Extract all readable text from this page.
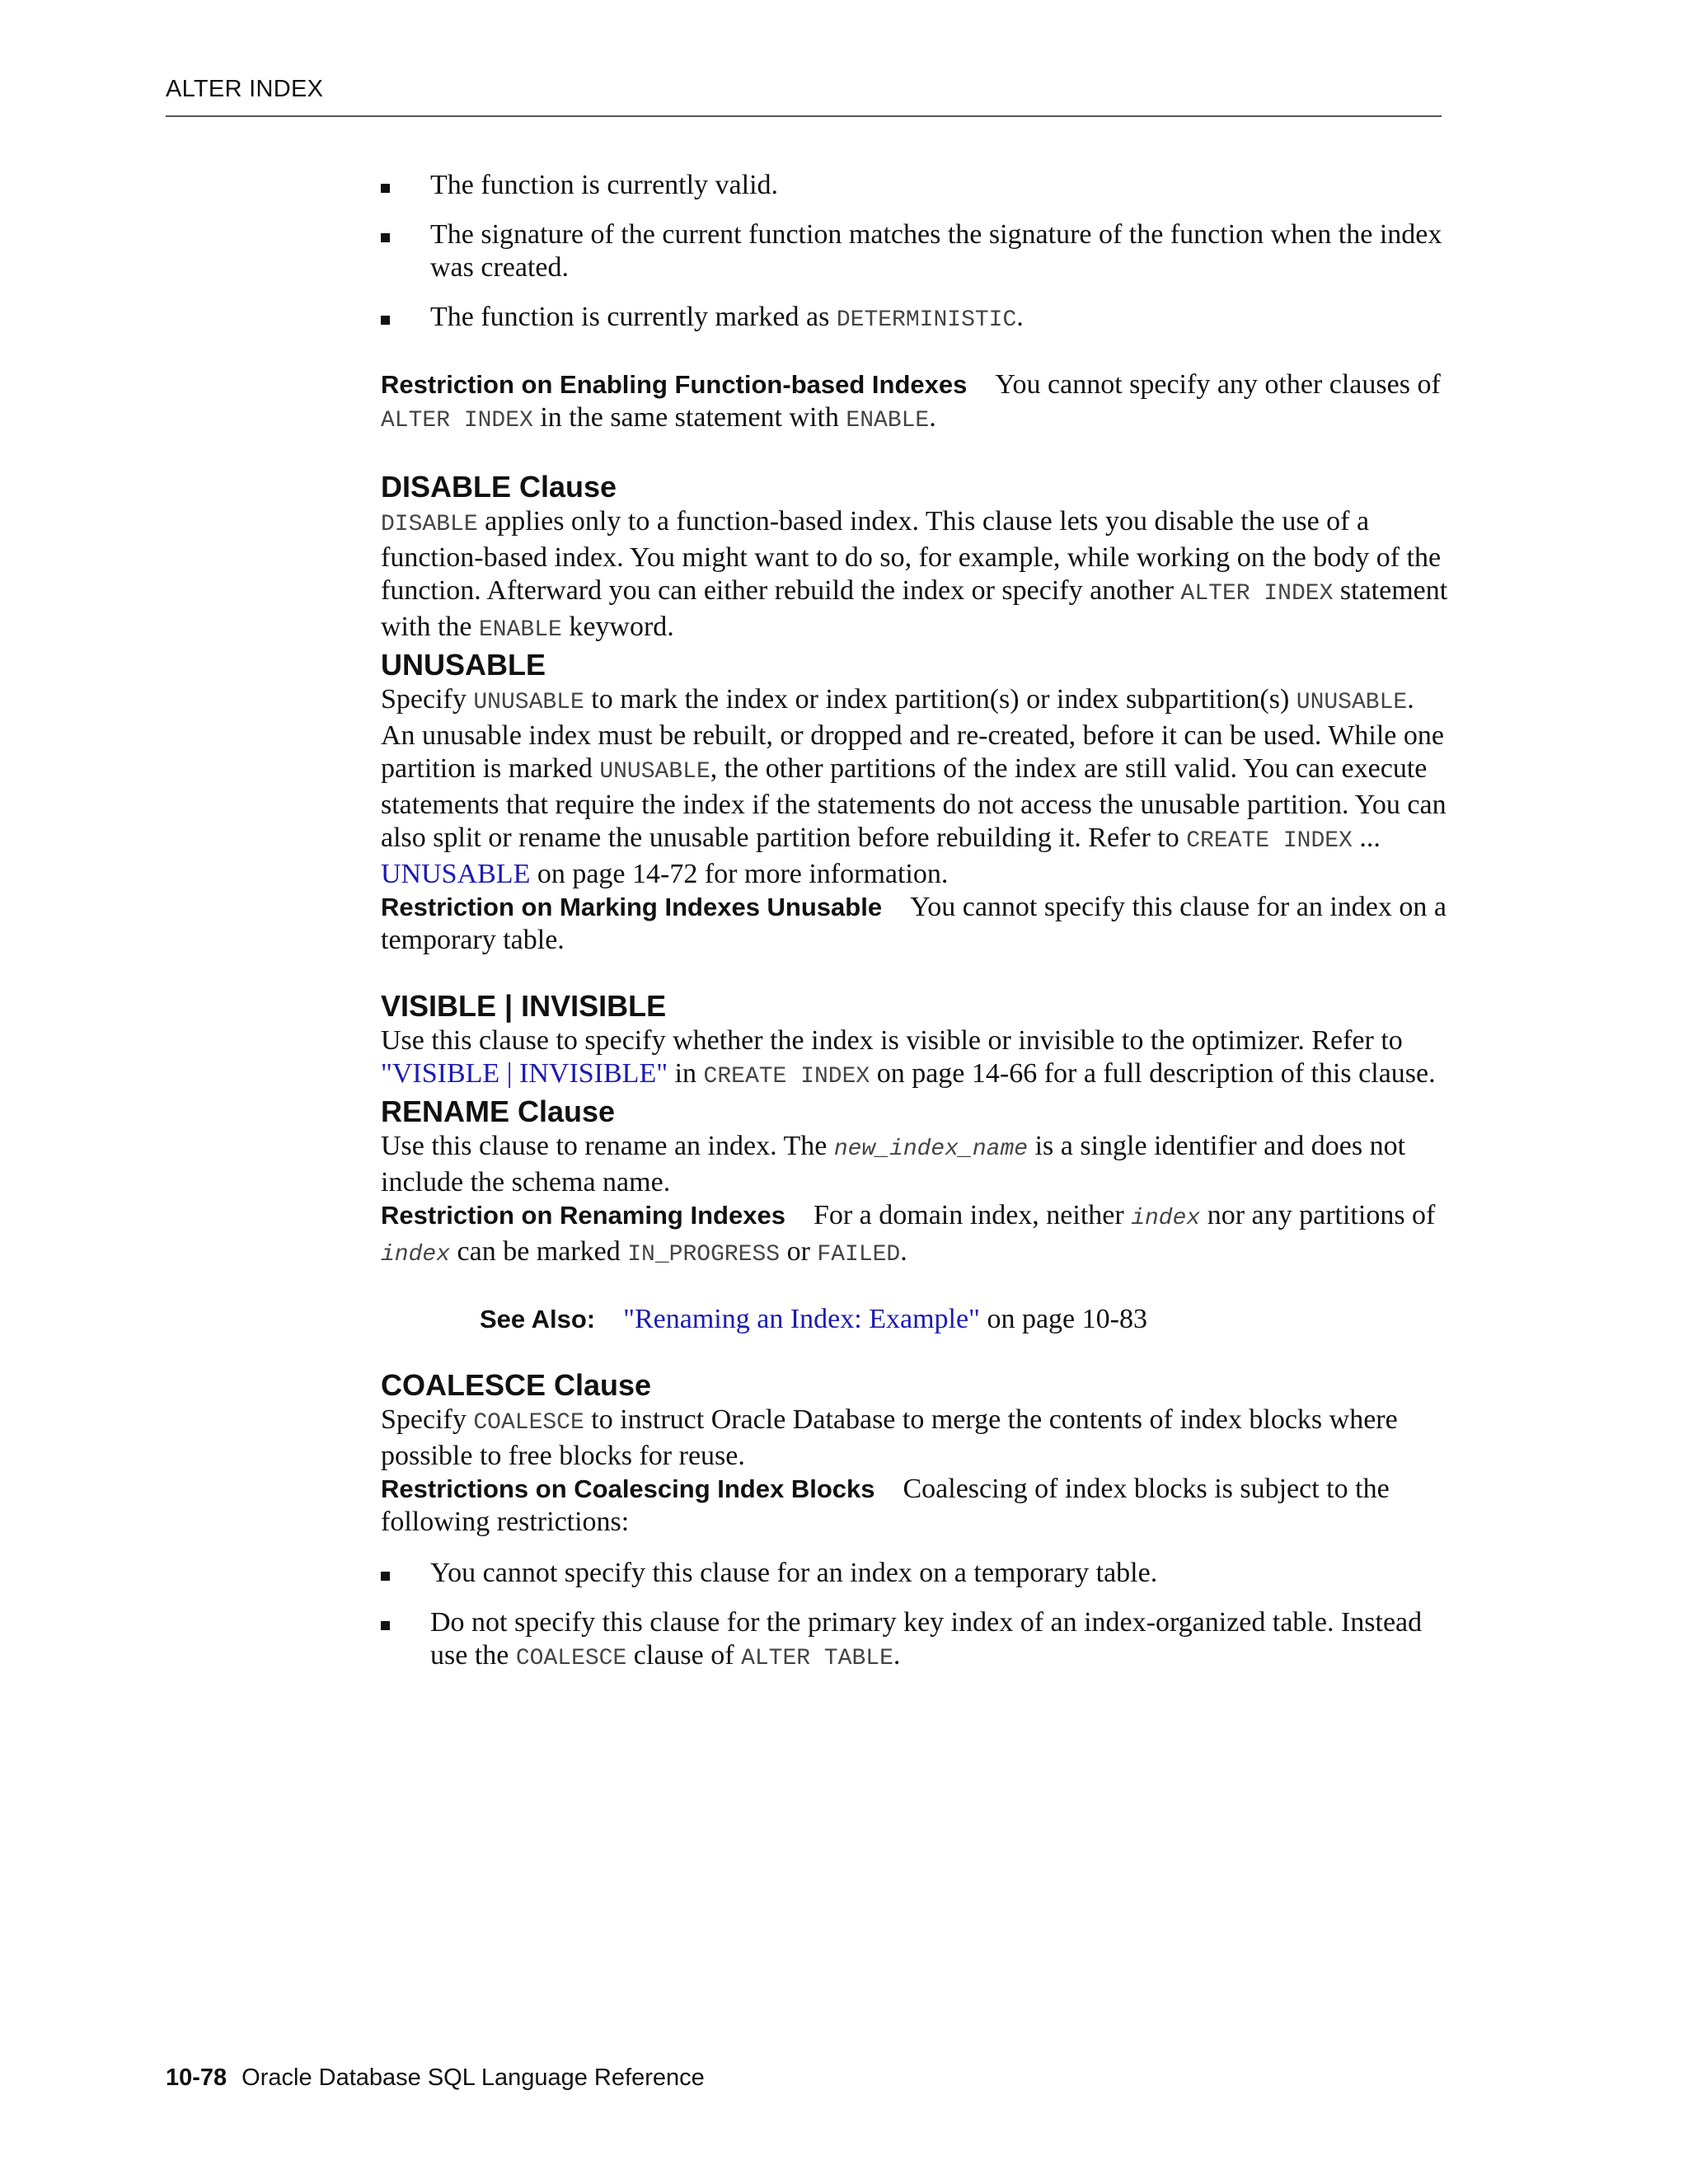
ALTER INDEX
The function is currently valid.
The signature of the current function matches the signature of the function when the index was created.
The function is currently marked as DETERMINISTIC.

Restriction on Enabling Function-based Indexes You cannot specify any other clauses of ALTER INDEX in the same statement with ENABLE.

DISABLE Clause

DISABLE applies only to a function-based index. This clause lets you disable the use of a function-based index. You might want to do so, for example, while working on the body of the function. Afterward you can either rebuild the index or specify another ALTER INDEX statement with the ENABLE keyword.

UNUSABLE

Specify UNUSABLE to mark the index or index partition(s) or index subpartition(s) UNUSABLE. An unusable index must be rebuilt, or dropped and re-created, before it can be used. While one partition is marked UNUSABLE, the other partitions of the index are still valid. You can execute statements that require the index if the statements do not access the unusable partition. You can also split or rename the unusable partition before rebuilding it. Refer to CREATE INDEX ... UNUSABLE on page 14-72 for more information.

Restriction on Marking Indexes Unusable You cannot specify this clause for an index on a temporary table.

VISIBLE | INVISIBLE

Use this clause to specify whether the index is visible or invisible to the optimizer. Refer to "VISIBLE | INVISIBLE" in CREATE INDEX on page 14-66 for a full description of this clause.

RENAME Clause

Use this clause to rename an index. The new_index_name is a single identifier and does not include the schema name.

Restriction on Renaming Indexes For a domain index, neither index nor any partitions of index can be marked IN_PROGRESS or FAILED.

See Also: "Renaming an Index: Example" on page 10-83

COALESCE Clause

Specify COALESCE to instruct Oracle Database to merge the contents of index blocks where possible to free blocks for reuse.

Restrictions on Coalescing Index Blocks Coalescing of index blocks is subject to the following restrictions:

You cannot specify this clause for an index on a temporary table.
Do not specify this clause for the primary key index of an index-organized table. Instead use the COALESCE clause of ALTER TABLE.
10-78 Oracle Database SQL Language Reference
